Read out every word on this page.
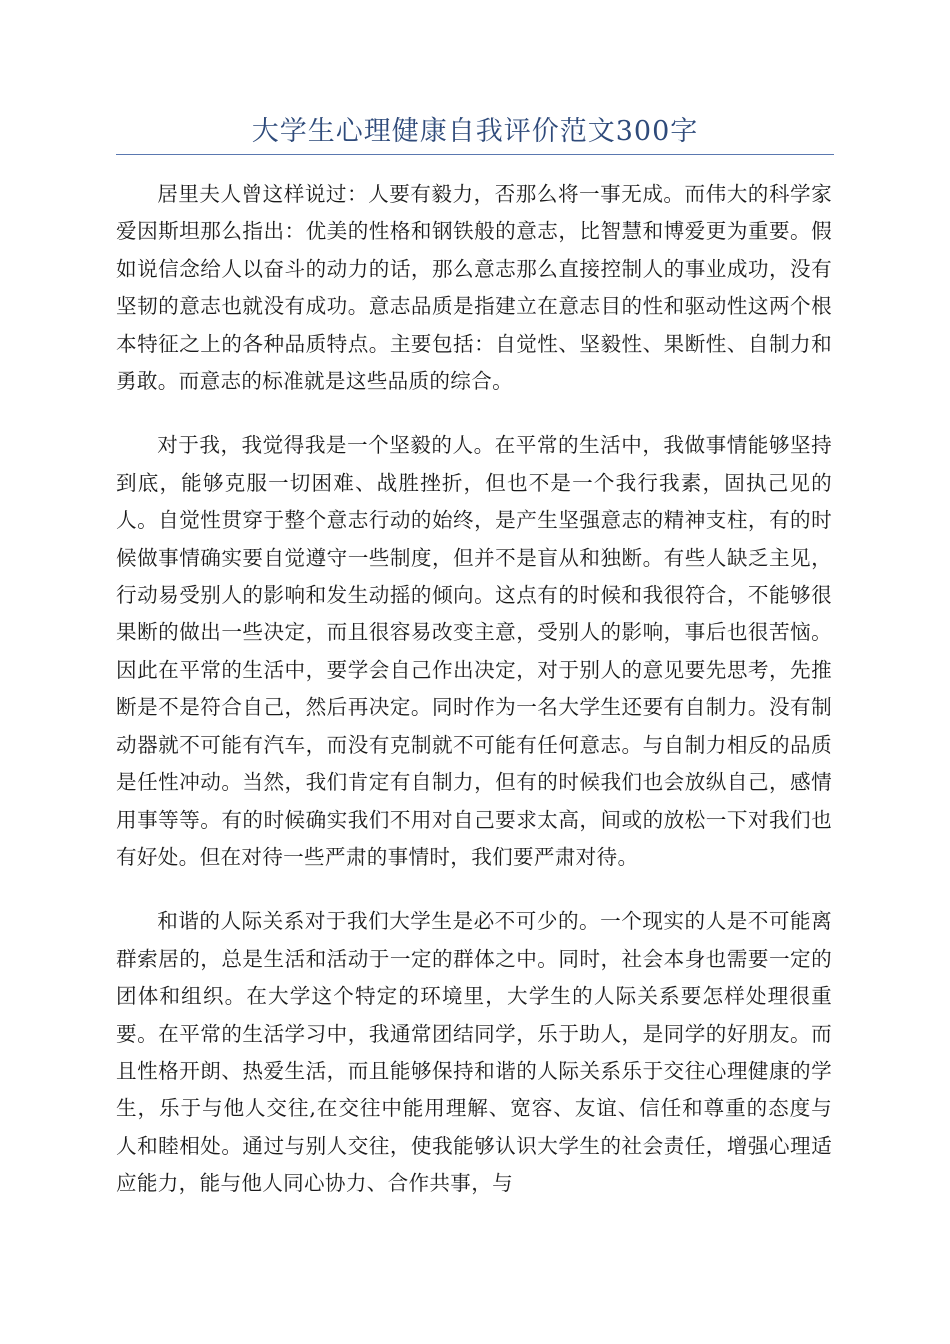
大学生心理健康自我评价范文300字

居里夫人曾这样说过：人要有毅力，否那么将一事无成。而伟大的科学家爱因斯坦那么指出：优美的性格和钢铁般的意志，比智慧和博爱更为重要。假如说信念给人以奋斗的动力的话，那么意志那么直接控制人的事业成功，没有坚韧的意志也就没有成功。意志品质是指建立在意志目的性和驱动性这两个根本特征之上的各种品质特点。主要包括：自觉性、坚毅性、果断性、自制力和勇敢。而意志的标准就是这些品质的综合。

对于我，我觉得我是一个坚毅的人。在平常的生活中，我做事情能够坚持到底，能够克服一切困难、战胜挫折，但也不是一个我行我素，固执己见的人。自觉性贯穿于整个意志行动的始终，是产生坚强意志的精神支柱，有的时候做事情确实要自觉遵守一些制度，但并不是盲从和独断。有些人缺乏主见，行动易受别人的影响和发生动摇的倾向。这点有的时候和我很符合，不能够很果断的做出一些决定，而且很容易改变主意，受别人的影响，事后也很苦恼。因此在平常的生活中，要学会自己作出决定，对于别人的意见要先思考，先推断是不是符合自己，然后再决定。同时作为一名大学生还要有自制力。没有制动器就不可能有汽车，而没有克制就不可能有任何意志。与自制力相反的品质是任性冲动。当然，我们肯定有自制力，但有的时候我们也会放纵自己，感情用事等等。有的时候确实我们不用对自己要求太高，间或的放松一下对我们也有好处。但在对待一些严肃的事情时，我们要严肃对待。

和谐的人际关系对于我们大学生是必不可少的。一个现实的人是不可能离群索居的，总是生活和活动于一定的群体之中。同时，社会本身也需要一定的团体和组织。在大学这个特定的环境里，大学生的人际关系要怎样处理很重要。在平常的生活学习中，我通常团结同学，乐于助人，是同学的好朋友。而且性格开朗、热爱生活，而且能够保持和谐的人际关系乐于交往心理健康的学生，乐于与他人交往,在交往中能用理解、宽容、友谊、信任和尊重的态度与人和睦相处。通过与别人交往，使我能够认识大学生的社会责任，增强心理适应能力，能与他人同心协力、合作共事，与
